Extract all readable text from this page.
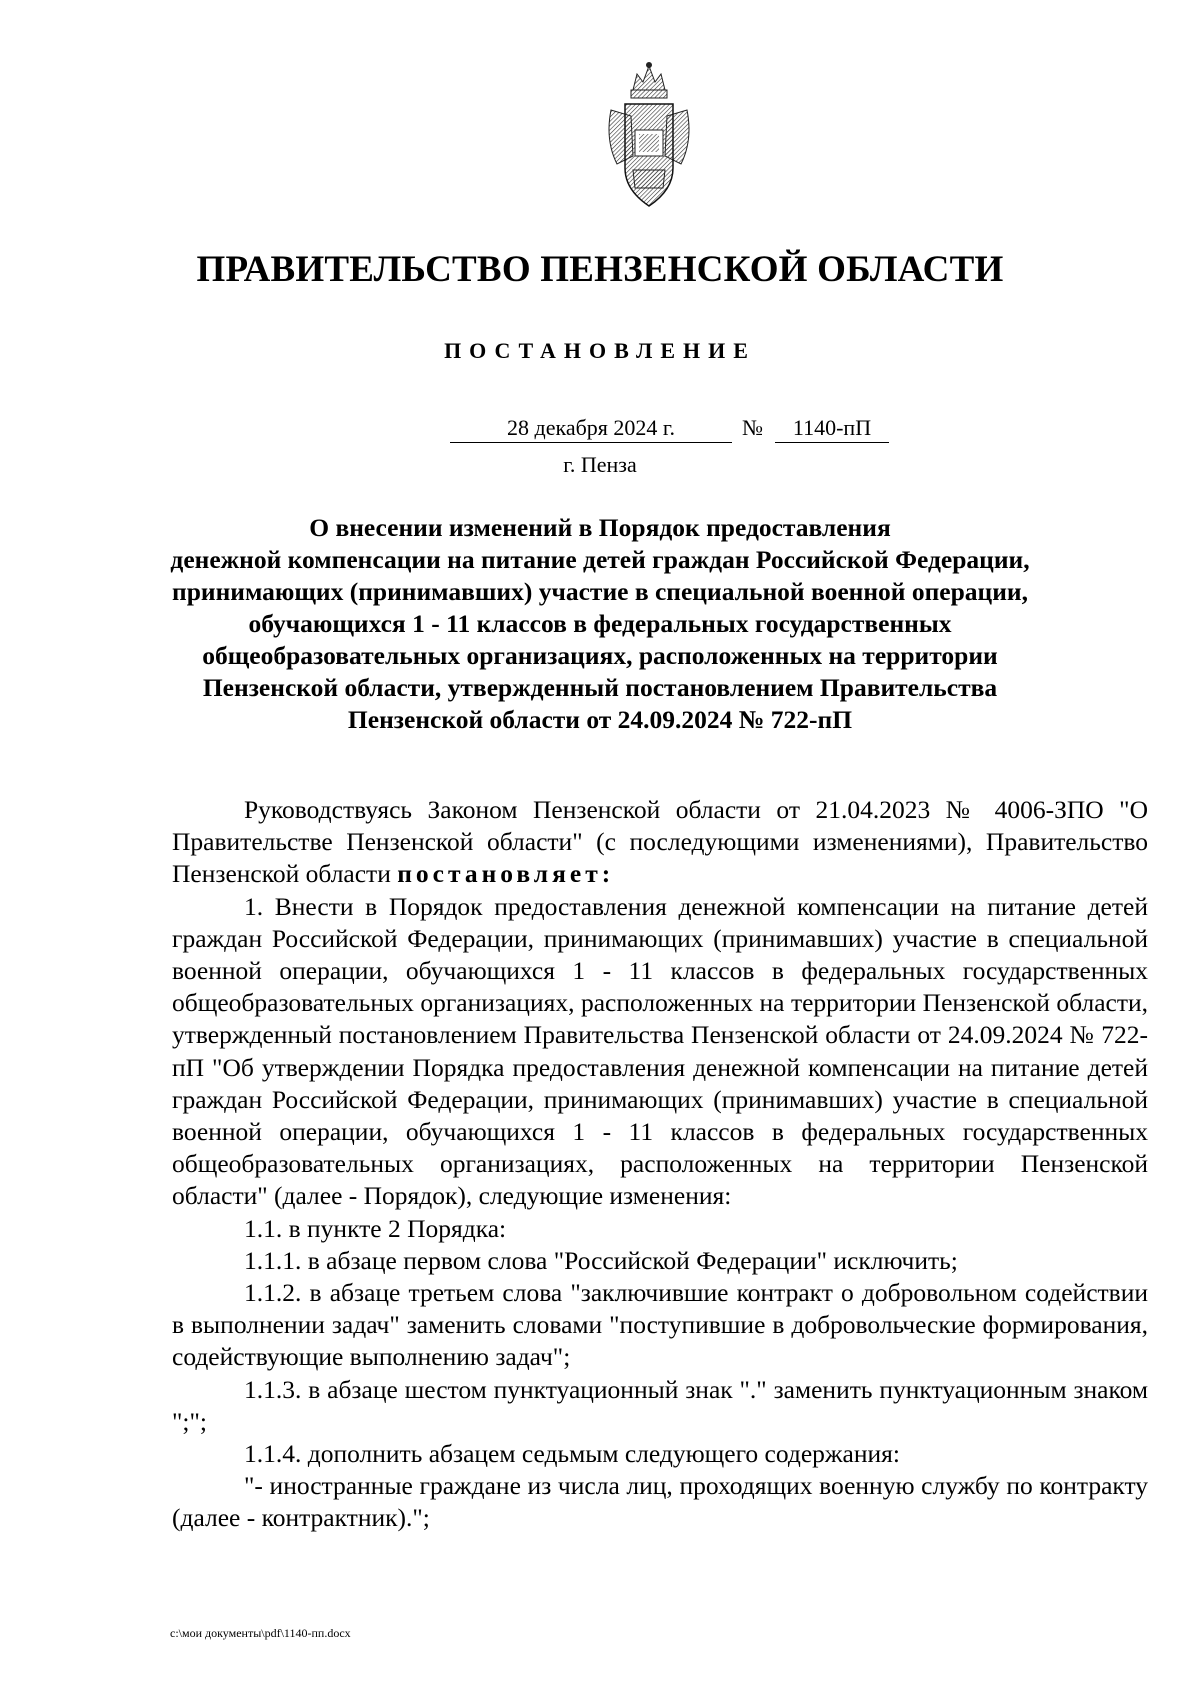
ПРАВИТЕЛЬСТВО ПЕНЗЕНСКОЙ ОБЛАСТИ
ПОСТАНОВЛЕНИЕ
28 декабря 2024 г.	№	1140-пП
г. Пенза
О внесении изменений в Порядок предоставления
денежной компенсации на питание детей граждан Российской Федерации,
принимающих (принимавших) участие в специальной военной операции,
обучающихся 1 - 11 классов в федеральных государственных
общеобразовательных организациях, расположенных на территории
Пензенской области, утвержденный постановлением Правительства
Пензенской области от 24.09.2024 № 722-пП

Руководствуясь Законом Пензенской области от 21.04.2023 № 4006-ЗПО "О Правительстве Пензенской области" (с последующими изменениями), Правительство Пензенской области постановляет:

1. Внести в Порядок предоставления денежной компенсации на питание детей граждан Российской Федерации, принимающих (принимавших) участие в специальной военной операции, обучающихся 1 - 11 классов в федеральных государственных общеобразовательных организациях, расположенных на территории Пензенской области, утвержденный постановлением Правительства Пензенской области от 24.09.2024 № 722-пП "Об утверждении Порядка предоставления денежной компенсации на питание детей граждан Российской Федерации, принимающих (принимавших) участие в специальной военной операции, обучающихся 1 - 11 классов в федеральных государственных общеобразовательных организациях, расположенных на территории Пензенской области" (далее - Порядок), следующие изменения:

1.1. в пункте 2 Порядка:

1.1.1. в абзаце первом слова "Российской Федерации" исключить;

1.1.2. в абзаце третьем слова "заключившие контракт о добровольном содействии в выполнении задач" заменить словами "поступившие в добровольческие формирования, содействующие выполнению задач";

1.1.3. в абзаце шестом пунктуационный знак "." заменить пунктуационным знаком ";";

1.1.4. дополнить абзацем седьмым следующего содержания:

"- иностранные граждане из числа лиц, проходящих военную службу по контракту (далее - контрактник).";

c:\мои документы\pdf\1140-пп.docx
